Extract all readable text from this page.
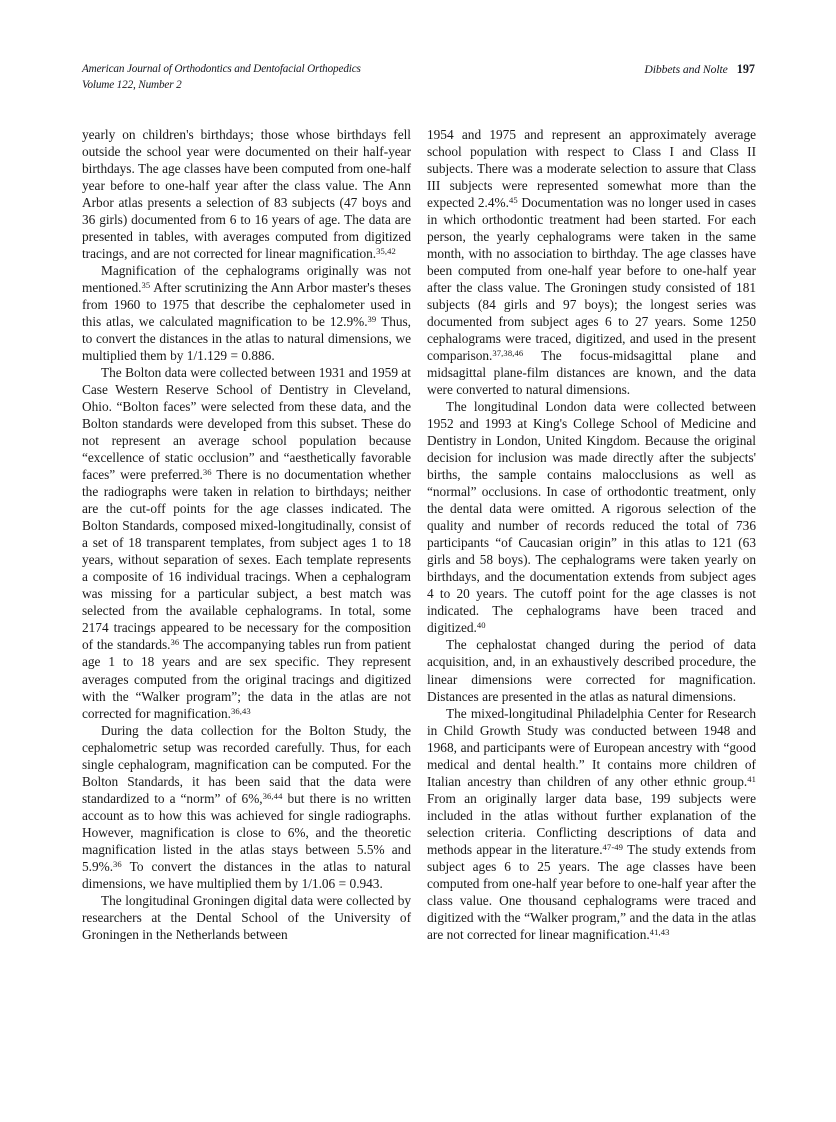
American Journal of Orthodontics and Dentofacial Orthopedics
Volume 122, Number 2
Dibbets and Nolte 197

yearly on children's birthdays; those whose birthdays fell outside the school year were documented on their half-year birthdays. The age classes have been computed from one-half year before to one-half year after the class value. The Ann Arbor atlas presents a selection of 83 subjects (47 boys and 36 girls) documented from 6 to 16 years of age. The data are presented in tables, with averages computed from digitized tracings, and are not corrected for linear magnification.$^{35,42}$

Magnification of the cephalograms originally was not mentioned.$^{35}$ After scrutinizing the Ann Arbor master's theses from 1960 to 1975 that describe the cephalometer used in this atlas, we calculated magnification to be 12.9%.$^{39}$ Thus, to convert the distances in the atlas to natural dimensions, we multiplied them by 1/1.129 = 0.886.

The Bolton data were collected between 1931 and 1959 at Case Western Reserve School of Dentistry in Cleveland, Ohio. “Bolton faces” were selected from these data, and the Bolton standards were developed from this subset. These do not represent an average school population because “excellence of static occlusion” and “aesthetically favorable faces” were preferred.$^{36}$ There is no documentation whether the radiographs were taken in relation to birthdays; neither are the cut-off points for the age classes indicated. The Bolton Standards, composed mixed-longitudinally, consist of a set of 18 transparent templates, from subject ages 1 to 18 years, without separation of sexes. Each template represents a composite of 16 individual tracings. When a cephalogram was missing for a particular subject, a best match was selected from the available cephalograms. In total, some 2174 tracings appeared to be necessary for the composition of the standards.$^{36}$ The accompanying tables run from patient age 1 to 18 years and are sex specific. They represent averages computed from the original tracings and digitized with the “Walker program”; the data in the atlas are not corrected for magnification.$^{36,43}$

During the data collection for the Bolton Study, the cephalometric setup was recorded carefully. Thus, for each single cephalogram, magnification can be computed. For the Bolton Standards, it has been said that the data were standardized to a “norm” of 6%,$^{36,44}$ but there is no written account as to how this was achieved for single radiographs. However, magnification is close to 6%, and the theoretic magnification listed in the atlas stays between 5.5% and 5.9%.$^{36}$ To convert the distances in the atlas to natural dimensions, we have multiplied them by 1/1.06 = 0.943.

The longitudinal Groningen digital data were collected by researchers at the Dental School of the University of Groningen in the Netherlands between

1954 and 1975 and represent an approximately average school population with respect to Class I and Class II subjects. There was a moderate selection to assure that Class III subjects were represented somewhat more than the expected 2.4%.$^{45}$ Documentation was no longer used in cases in which orthodontic treatment had been started. For each person, the yearly cephalograms were taken in the same month, with no association to birthday. The age classes have been computed from one-half year before to one-half year after the class value. The Groningen study consisted of 181 subjects (84 girls and 97 boys); the longest series was documented from subject ages 6 to 27 years. Some 1250 cephalograms were traced, digitized, and used in the present comparison.$^{37,38,46}$ The focus-midsagittal plane and midsagittal plane-film distances are known, and the data were converted to natural dimensions.

The longitudinal London data were collected between 1952 and 1993 at King's College School of Medicine and Dentistry in London, United Kingdom. Because the original decision for inclusion was made directly after the subjects' births, the sample contains malocclusions as well as “normal” occlusions. In case of orthodontic treatment, only the dental data were omitted. A rigorous selection of the quality and number of records reduced the total of 736 participants “of Caucasian origin” in this atlas to 121 (63 girls and 58 boys). The cephalograms were taken yearly on birthdays, and the documentation extends from subject ages 4 to 20 years. The cutoff point for the age classes is not indicated. The cephalograms have been traced and digitized.$^{40}$

The cephalostat changed during the period of data acquisition, and, in an exhaustively described procedure, the linear dimensions were corrected for magnification. Distances are presented in the atlas as natural dimensions.

The mixed-longitudinal Philadelphia Center for Research in Child Growth Study was conducted between 1948 and 1968, and participants were of European ancestry with “good medical and dental health.” It contains more children of Italian ancestry than children of any other ethnic group.$^{41}$ From an originally larger data base, 199 subjects were included in the atlas without further explanation of the selection criteria. Conflicting descriptions of data and methods appear in the literature.$^{47-49}$ The study extends from subject ages 6 to 25 years. The age classes have been computed from one-half year before to one-half year after the class value. One thousand cephalograms were traced and digitized with the “Walker program,” and the data in the atlas are not corrected for linear magnification.$^{41,43}$
